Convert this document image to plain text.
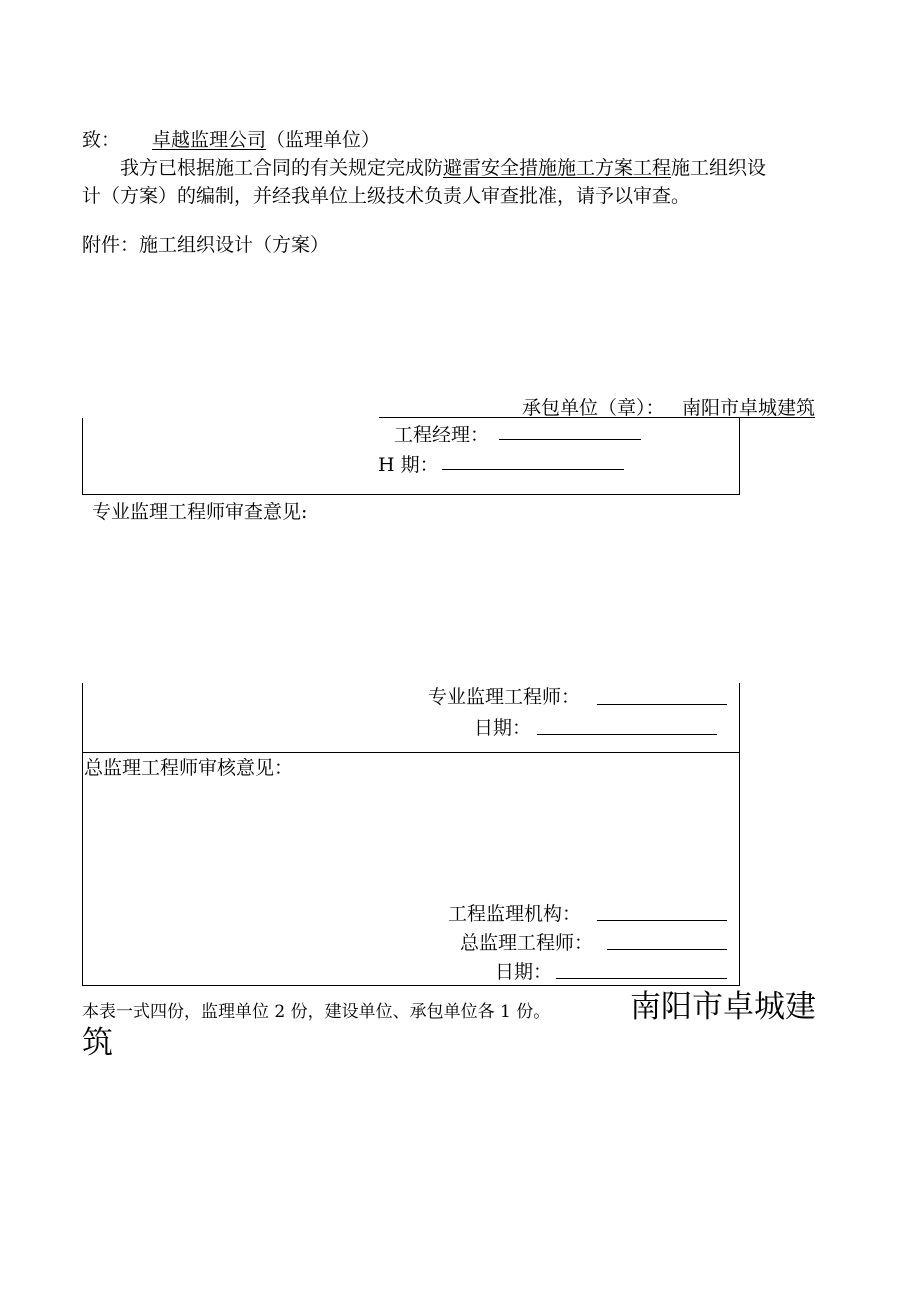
致： 卓越监理公司 （监理单位）
我方已根据施工合同的有关规定完成防避雷安全措施施工方案工程施工组织设
计（方案）的编制，并经我单位上级技术负责人审查批准，请予以审查。
附件：施工组织设计（方案）
承包单位（章）： 南阳市卓城建筑
工程经理：
H 期：
专业监理工程师审查意见:
专业监理工程师：
日期：
总监理工程师审核意见：
工程监理机构：
总监理工程师：
日期：
本表一式四份，监理单位 2 份，建设单位、承包单位各 1 份。	南阳市卓城建
筑
